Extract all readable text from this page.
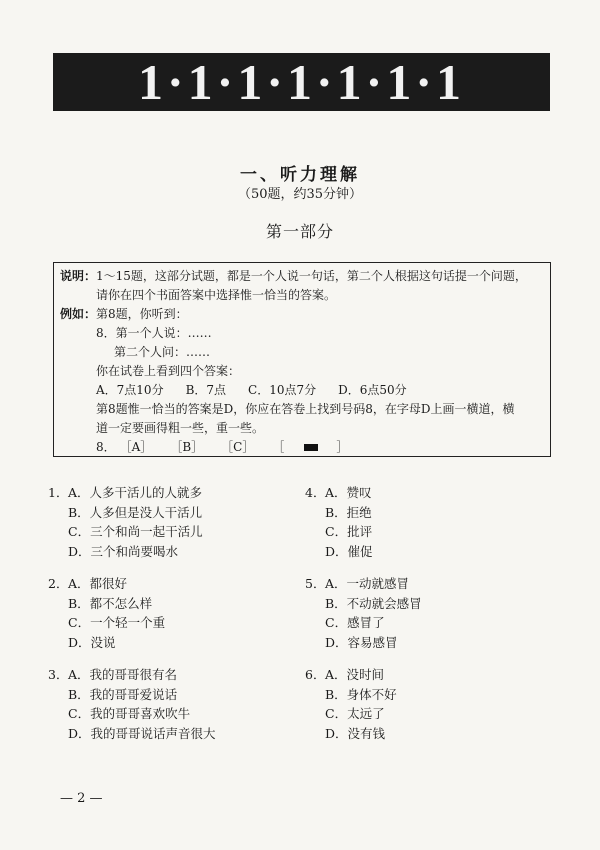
1·1·1·1·1·1·1
一、听力理解
（50题，约35分钟）
第一部分
说明：1～15题，这部分试题，都是一个人说一句话，第二个人根据这句话提一个问题，
请你在四个书面答案中选择惟一恰当的答案。
例如：第8题，你听到：
8．第一个人说：……
第二个人问：……
你在试卷上看到四个答案：
A．7点10分 B．7点 C．10点7分 D．6点50分
第8题惟一恰当的答案是D，你应在答卷上找到号码8，在字母D上画一横道，横
道一定要画得粗一些，重一些。
8． ［A］ ［B］ ［C］ ［	］
1．A．人多干活儿的人就多
B．人多但是没人干活儿
C．三个和尚一起干活儿
D．三个和尚要喝水
2．A．都很好
B．都不怎么样
C．一个轻一个重
D．没说
3．A．我的哥哥很有名
B．我的哥哥爱说话
C．我的哥哥喜欢吹牛
D．我的哥哥说话声音很大
4．A．赞叹
B．拒绝
C．批评
D．催促
5．A．一动就感冒
B．不动就会感冒
C．感冒了
D．容易感冒
6．A．没时间
B．身体不好
C．太远了
D．没有钱
— 2 —
